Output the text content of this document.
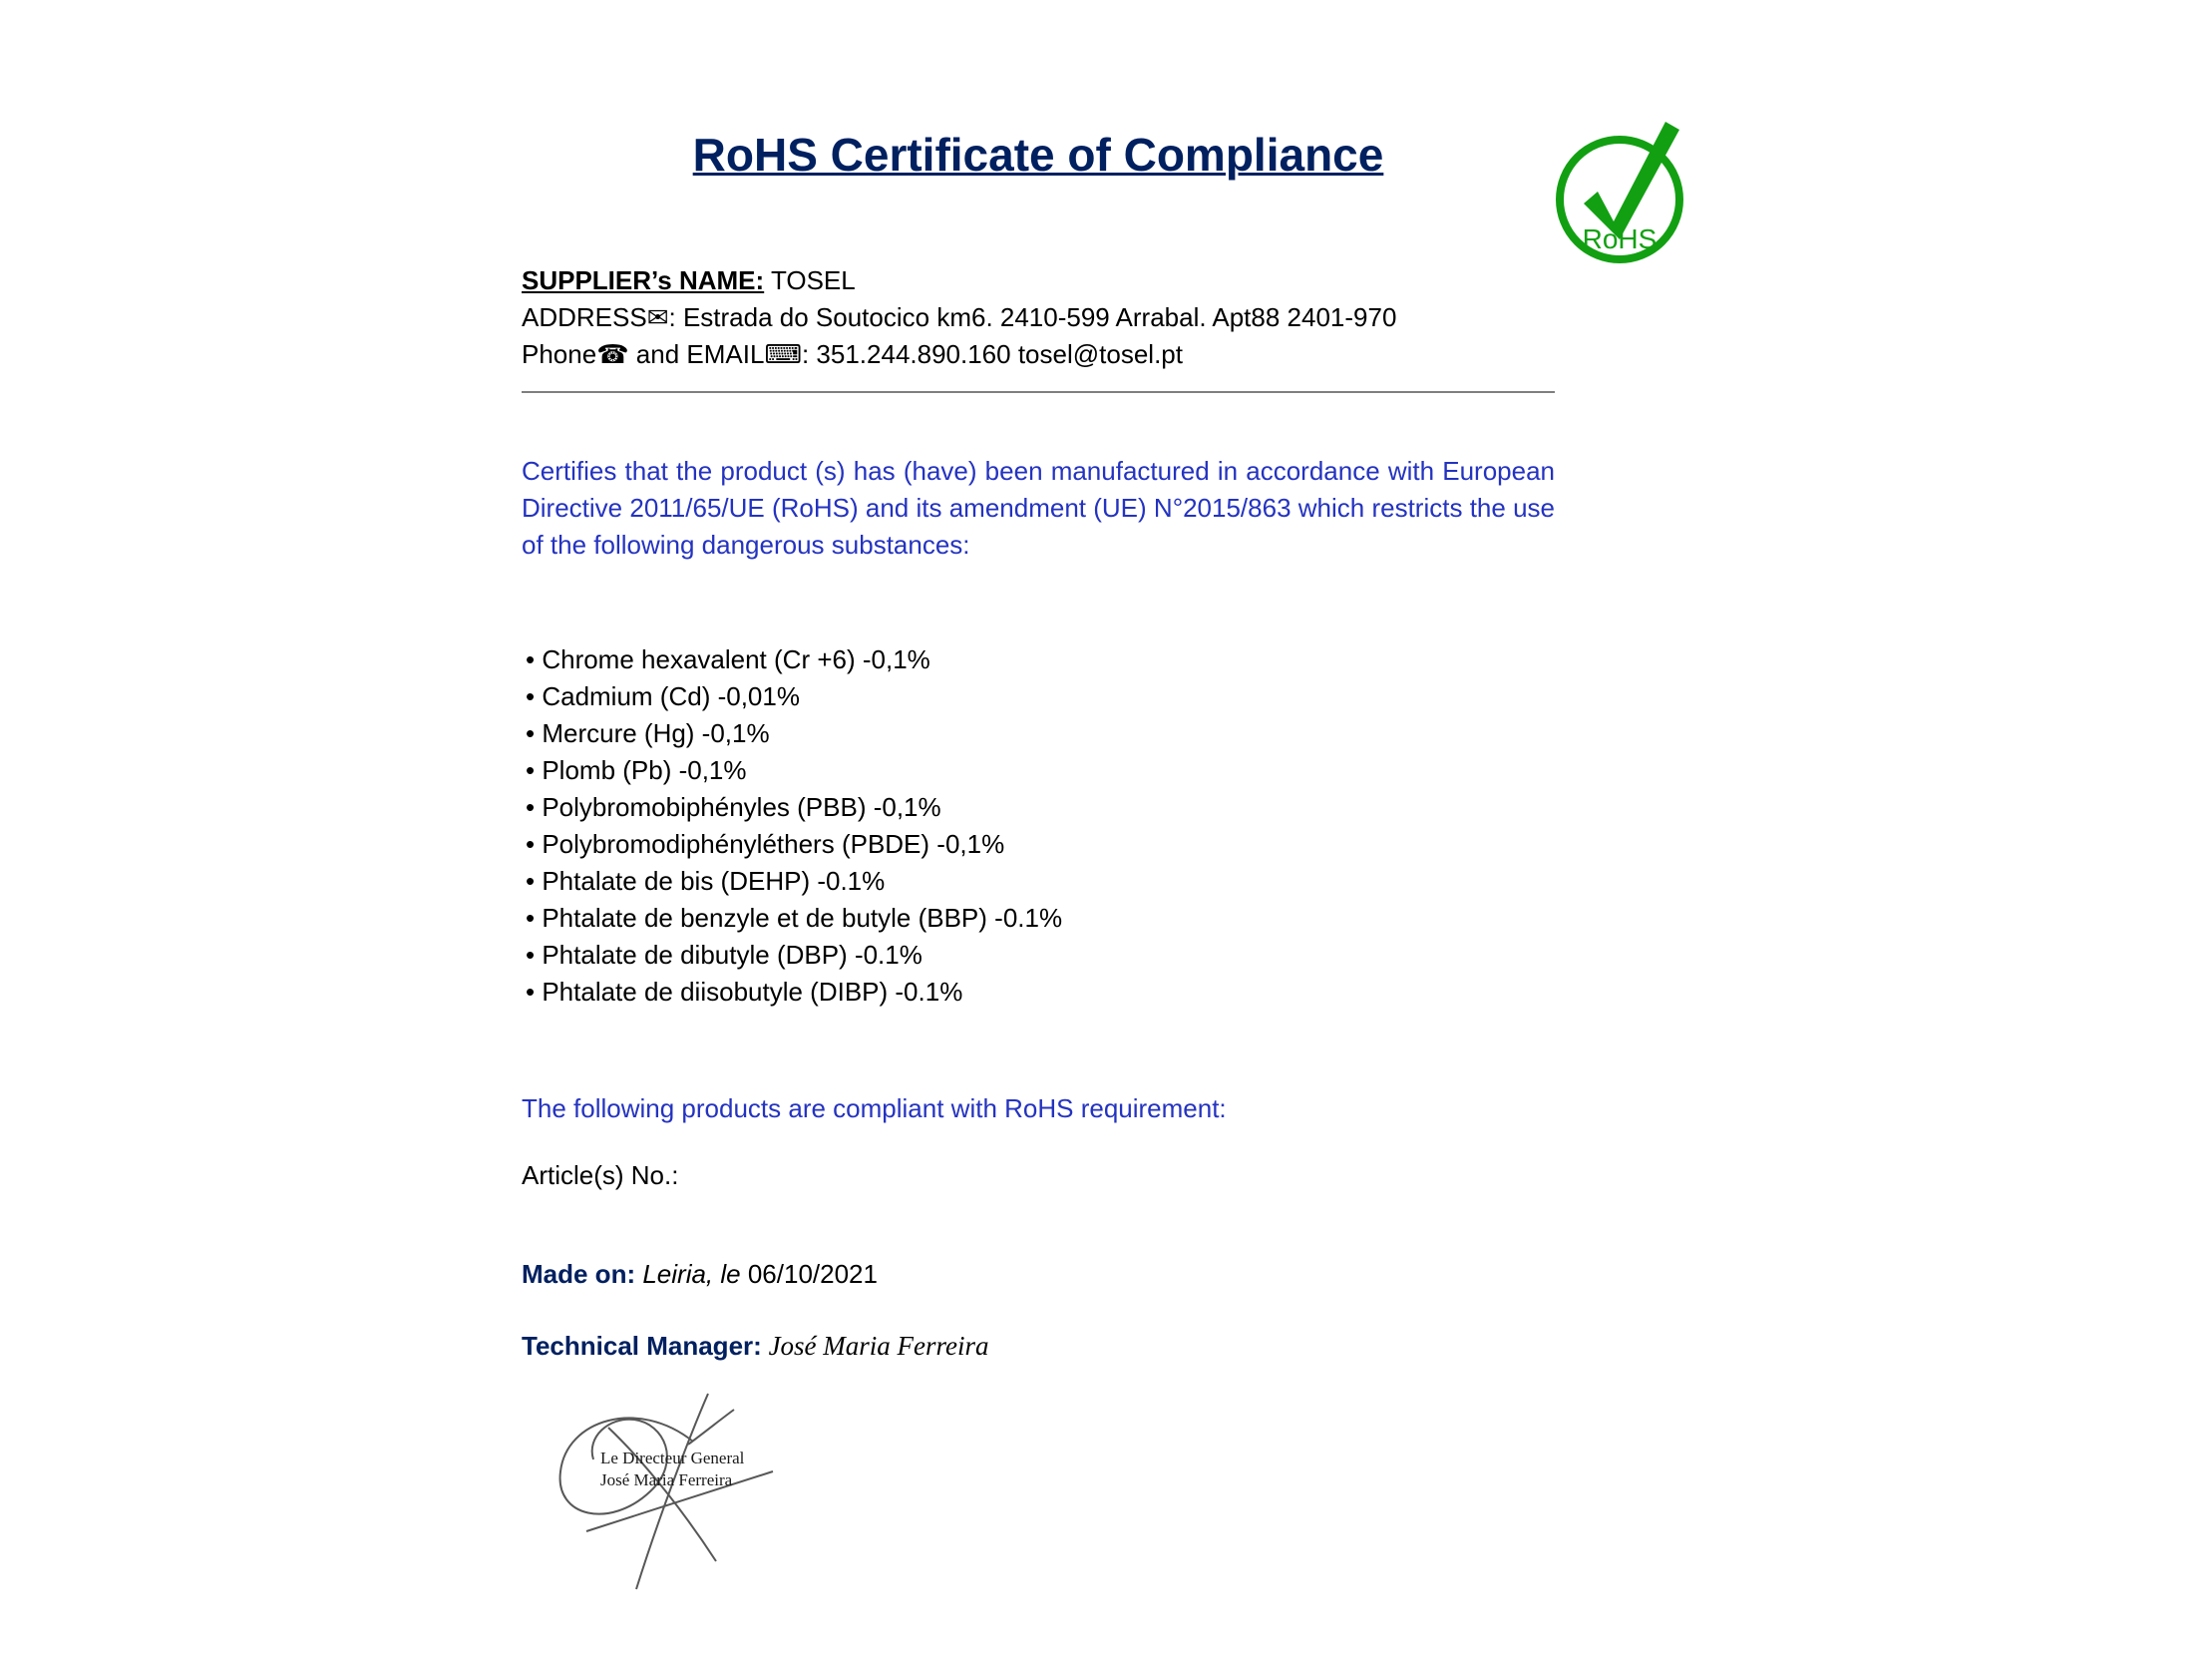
RoHS
RoHS Certificate of Compliance
SUPPLIER’s NAME: TOSEL
ADDRESS✉: Estrada do Soutocico km6. 2410-599 Arrabal. Apt88 2401-970
Phone☎ and EMAIL⌨: 351.244.890.160 tosel@tosel.pt

Certifies that the product (s) has (have) been manufactured in accordance with European Directive 2011/65/UE (RoHS) and its amendment (UE) N°2015/863 which restricts the use of the following dangerous substances:

• Chrome hexavalent (Cr +6) -0,1%
• Cadmium (Cd) -0,01%
• Mercure (Hg) -0,1%
• Plomb (Pb) -0,1%
• Polybromobiphényles (PBB) -0,1%
• Polybromodiphényléthers (PBDE) -0,1%
• Phtalate de bis (DEHP) -0.1%
• Phtalate de benzyle et de butyle (BBP) -0.1%
• Phtalate de dibutyle (DBP) -0.1%
• Phtalate de diisobutyle (DIBP) -0.1%

The following products are compliant with RoHS requirement:

Article(s) No.:

Made on: Leiria, le 06/10/2021

Technical Manager: José Maria Ferreira

Le Directeur General
José Maria Ferreira
